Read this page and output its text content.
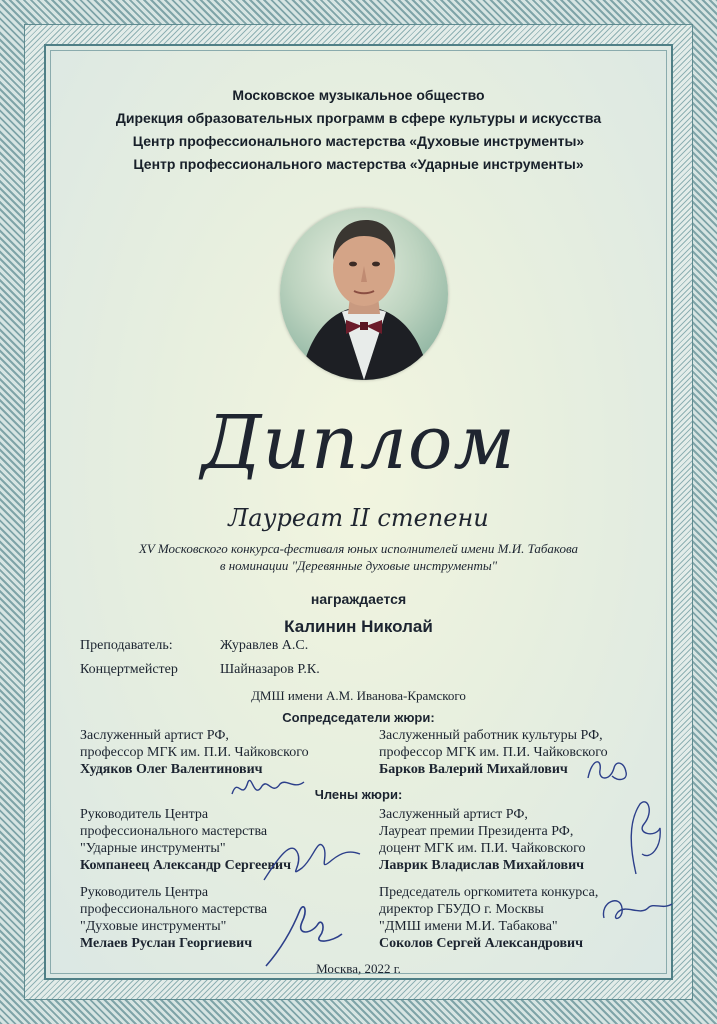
Московское музыкальное общество
Дирекция образовательных программ в сфере культуры и искусства
Центр профессионального мастерства «Духовые инструменты»
Центр профессионального мастерства «Ударные инструменты»
Диплом
Лауреат II степени
XV Московского конкурса-фестиваля юных исполнителей имени М.И. Табакова
в номинации "Деревянные духовые инструменты"
награждается
Калинин Николай
Преподаватель:	Журавлев А.С.
Концертмейстер	Шайназаров Р.К.
ДМШ имени А.М. Иванова-Крамского
Сопредседатели жюри:
Заслуженный артист РФ,
профессор МГК им. П.И. Чайковского
Худяков Олег Валентинович
Заслуженный работник культуры РФ,
профессор МГК им. П.И. Чайковского
Барков Валерий Михайлович
Члены жюри:
Руководитель Центра
профессионального мастерства
"Ударные инструменты"
Компанеец Александр Сергеевич
Заслуженный артист РФ,
Лауреат премии Президента РФ,
доцент МГК им. П.И. Чайковского
Лаврик Владислав Михайлович
Руководитель Центра
профессионального мастерства
"Духовые инструменты"
Мелаев Руслан Георгиевич
Председатель оргкомитета конкурса,
директор ГБУДО г. Москвы
"ДМШ имени М.И. Табакова"
Соколов Сергей Александрович
Москва, 2022 г.
